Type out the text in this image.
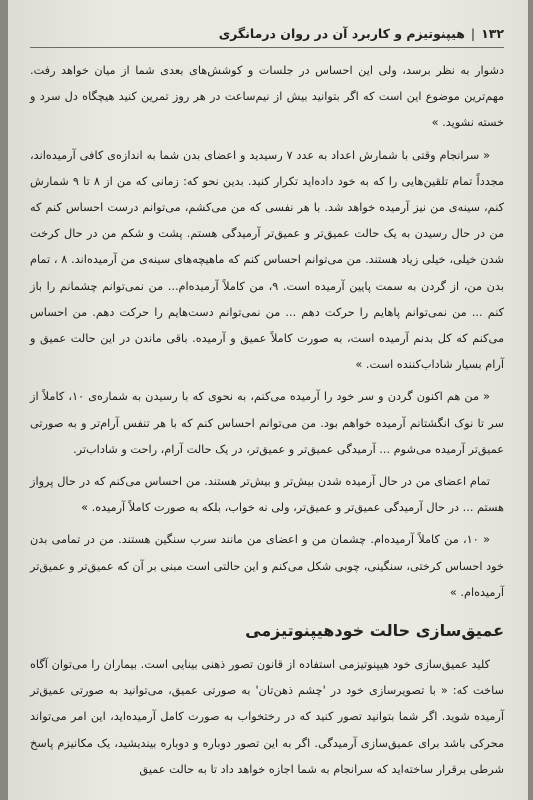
۱۳۲
|
هیپنوتیزم و کاربرد آن در روان درمانگری

دشوار به نظر برسد، ولی این احساس در جلسات و کوشش‌های بعدی شما از میان خواهد رفت. مهم‌ترین موضوع این است که اگر بتوانید بیش از نیم‌ساعت در هر روز تمرین کنید هیچگاه دل سرد و خسته نشوید. »

« سرانجام وقتی با شمارش اعداد به عدد ۷ رسیدید و اعضای بدن شما به اندازه‌ی کافی آرمیده‌اند، مجدداً تمام تلقین‌هایی را که به خود داده‌اید تکرار کنید. بدین نحو که: زمانی که من از ۸ تا ۹ شمارش کنم، سینه‌ی من نیز آرمیده خواهد شد. با هر نفسی که من می‌کشم، می‌توانم درست احساس کنم که من در حال رسیدن به یک حالت عمیق‌تر و عمیق‌تر آرمیدگی هستم. پشت و شکم من در حال کرخت شدن خیلی، خیلی زیاد هستند. من می‌توانم احساس کنم که ماهیچه‌های سینه‌ی من آرمیده‌اند. ۸ ، تمام بدن من، از گردن به سمت پایین آرمیده است. ۹، من کاملاً آرمیده‌ام... من نمی‌توانم چشمانم را باز کنم ... من نمی‌توانم پاهایم را حرکت دهم ... من نمی‌توانم دست‌هایم را حرکت دهم. من احساس می‌کنم که کل بدنم آرمیده است، به صورت کاملاً عمیق و آرمیده. باقی ماندن در این حالت عمیق و آرام بسیار شاداب‌کننده است. »

« من هم اکنون گردن و سر خود را آرمیده می‌کنم، به نحوی که با رسیدن به شماره‌ی ۱۰، کاملاً از سر تا نوک انگشتانم آرمیده خواهم بود. من می‌توانم احساس کنم که با هر تنفس آرام‌تر و به صورتی عمیق‌تر آرمیده می‌شوم ... آرمیدگی عمیق‌تر و عمیق‌تر، در یک حالت آرام، راحت و شاداب‌تر.

تمام اعضای من در حال آرمیده شدن بیش‌تر و بیش‌تر هستند. من احساس می‌کنم که در حال پرواز هستم ... در حال آرمیدگی عمیق‌تر و عمیق‌تر، ولی نه خواب، بلکه به صورت کاملاً آرمیده. »

« ۱۰، من کاملاً آرمیده‌ام. چشمان من و اعضای من مانند سرب سنگین هستند. من در تمامی بدن خود احساس کرختی، سنگینی، چوبی شکل می‌کنم و این حالتی است مبنی بر آن که عمیق‌تر و عمیق‌تر آرمیده‌ام. »

عمیق‌سازی حالت خودهیپنوتیزمی

کلید عمیق‌سازی خود هیپنوتیزمی استفاده از قانون تصور ذهنی بینایی است. بیماران را می‌توان آگاه ساخت که: « با تصویرسازی خود در 'چشم ذهن‌تان' به صورتی عمیق، می‌توانید به صورتی عمیق‌تر آرمیده شوید. اگر شما بتوانید تصور کنید که در رختخواب به صورت کامل آرمیده‌اید، این امر می‌تواند محرکی باشد برای عمیق‌سازی آرمیدگی. اگر به این تصور دوباره و دوباره بیندیشید، یک مکانیزم پاسخ شرطی برقرار ساخته‌اید که سرانجام به شما اجازه خواهد داد تا به حالت عمیق
